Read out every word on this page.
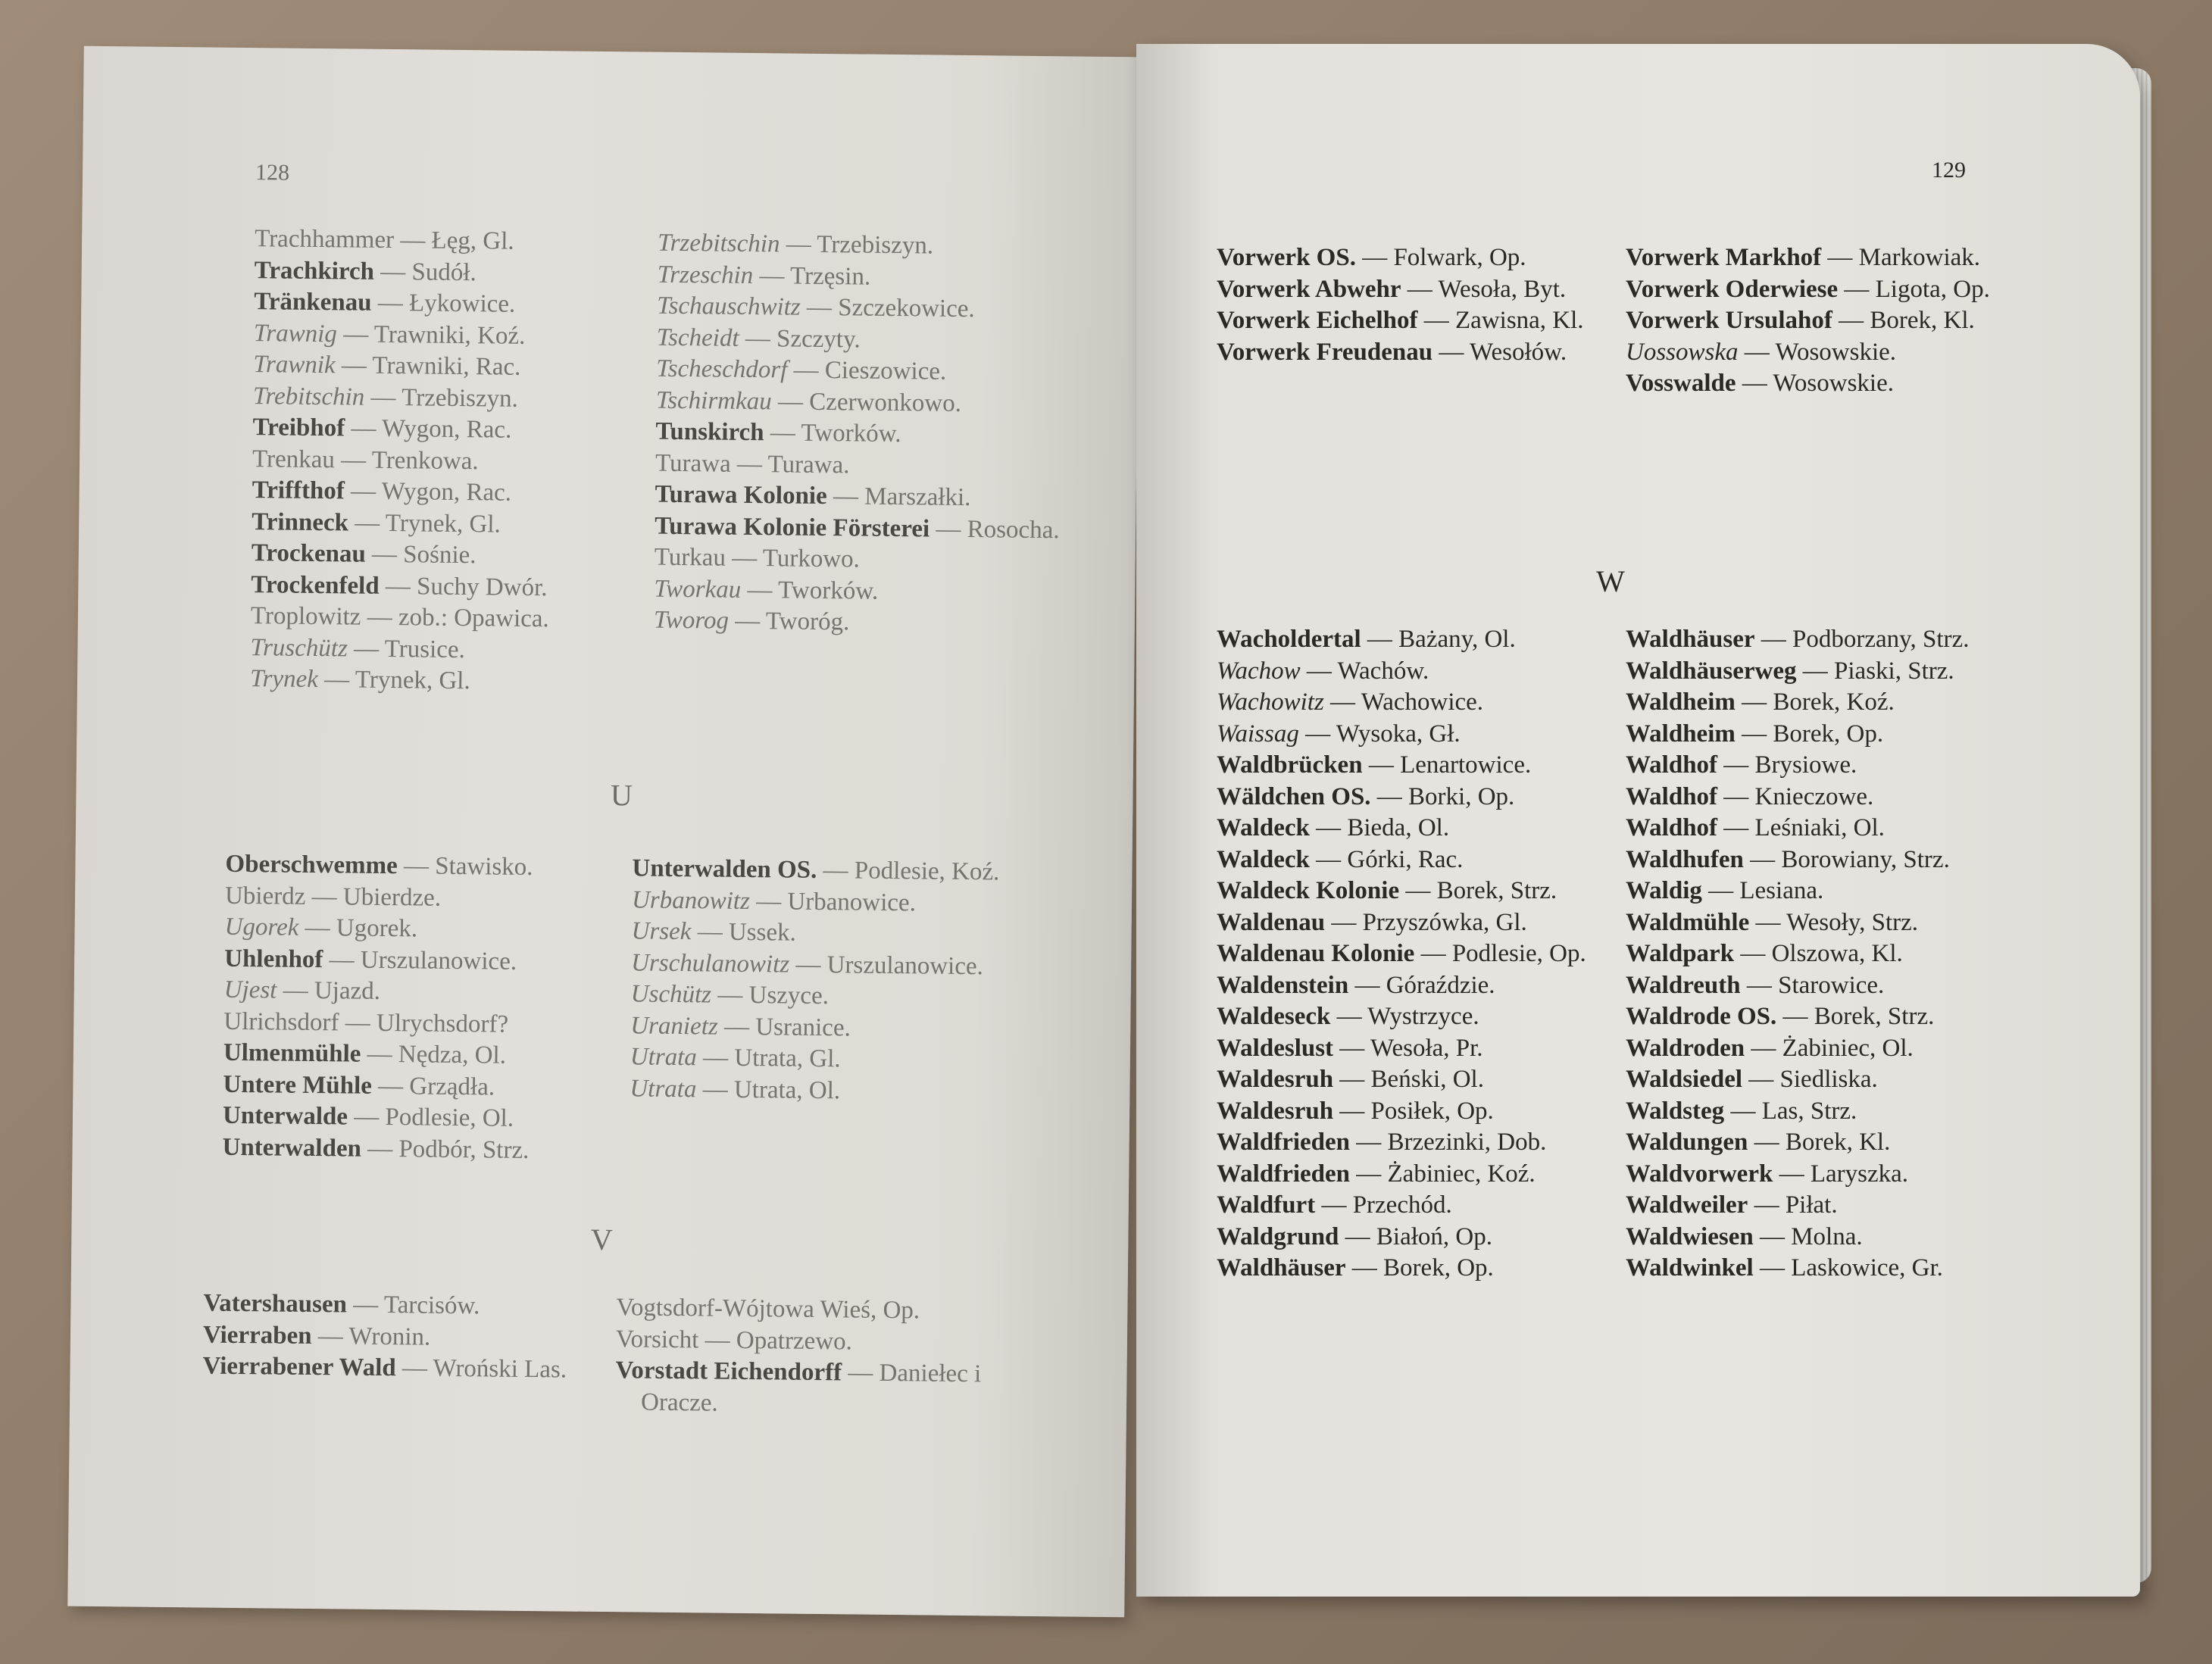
128
Trachhammer — Łęg, Gl.
Trachkirch — Sudół.
Tränkenau — Łykowice.
Trawnig — Trawniki, Koź.
Trawnik — Trawniki, Rac.
Trebitschin — Trzebiszyn.
Treibhof — Wygon, Rac.
Trenkau — Trenkowa.
Triffthof — Wygon, Rac.
Trinneck — Trynek, Gl.
Trockenau — Sośnie.
Trockenfeld — Suchy Dwór.
Troplowitz — zob.: Opawica.
Truschütz — Trusice.
Trynek — Trynek, Gl.
Trzebitschin — Trzebiszyn.
Trzeschin — Trzęsin.
Tschauschwitz — Szczekowice.
Tscheidt — Szczyty.
Tscheschdorf — Cieszowice.
Tschirmkau — Czerwonkowo.
Tunskirch — Tworków.
Turawa — Turawa.
Turawa Kolonie — Marszałki.
Turawa Kolonie Försterei — Rosocha.
Turkau — Turkowo.
Tworkau — Tworków.
Tworog — Tworóg.
U
Oberschwemme — Stawisko.
Ubierdz — Ubierdze.
Ugorek — Ugorek.
Uhlenhof — Urszulanowice.
Ujest — Ujazd.
Ulrichsdorf — Ulrychsdorf?
Ulmenmühle — Nędza, Ol.
Untere Mühle — Grządła.
Unterwalde — Podlesie, Ol.
Unterwalden — Podbór, Strz.
Unterwalden OS. — Podlesie, Koź.
Urbanowitz — Urbanowice.
Ursek — Ussek.
Urschulanowitz — Urszulanowice.
Uschütz — Uszyce.
Uranietz — Usranice.
Utrata — Utrata, Gl.
Utrata — Utrata, Ol.
V
Vatershausen — Tarcisów.
Vierraben — Wronin.
Vierrabener Wald — Wroński Las.
Vogtsdorf-Wójtowa Wieś, Op.
Vorsicht — Opatrzewo.
Vorstadt Eichendorff — Daniełec i Oracze.
129
Vorwerk OS. — Folwark, Op.
Vorwerk Abwehr — Wesoła, Byt.
Vorwerk Eichelhof — Zawisna, Kl.
Vorwerk Freudenau — Wesołów.
Vorwerk Markhof — Markowiak.
Vorwerk Oderwiese — Ligota, Op.
Vorwerk Ursulahof — Borek, Kl.
Uossowska — Wosowskie.
Vosswalde — Wosowskie.
W
Wacholdertal — Bażany, Ol.
Wachow — Wachów.
Wachowitz — Wachowice.
Waissag — Wysoka, Gł.
Waldbrücken — Lenartowice.
Wäldchen OS. — Borki, Op.
Waldeck — Bieda, Ol.
Waldeck — Górki, Rac.
Waldeck Kolonie — Borek, Strz.
Waldenau — Przyszówka, Gl.
Waldenau Kolonie — Podlesie, Op.
Waldenstein — Góraździe.
Waldeseck — Wystrzyce.
Waldeslust — Wesoła, Pr.
Waldesruh — Beński, Ol.
Waldesruh — Posiłek, Op.
Waldfrieden — Brzezinki, Dob.
Waldfrieden — Żabiniec, Koź.
Waldfurt — Przechód.
Waldgrund — Białoń, Op.
Waldhäuser — Borek, Op.
Waldhäuser — Podborzany, Strz.
Waldhäuserweg — Piaski, Strz.
Waldheim — Borek, Koź.
Waldheim — Borek, Op.
Waldhof — Brysiowe.
Waldhof — Knieczowe.
Waldhof — Leśniaki, Ol.
Waldhufen — Borowiany, Strz.
Waldig — Lesiana.
Waldmühle — Wesoły, Strz.
Waldpark — Olszowa, Kl.
Waldreuth — Starowice.
Waldrode OS. — Borek, Strz.
Waldroden — Żabiniec, Ol.
Waldsiedel — Siedliska.
Waldsteg — Las, Strz.
Waldungen — Borek, Kl.
Waldvorwerk — Laryszka.
Waldweiler — Piłat.
Waldwiesen — Molna.
Waldwinkel — Laskowice, Gr.
